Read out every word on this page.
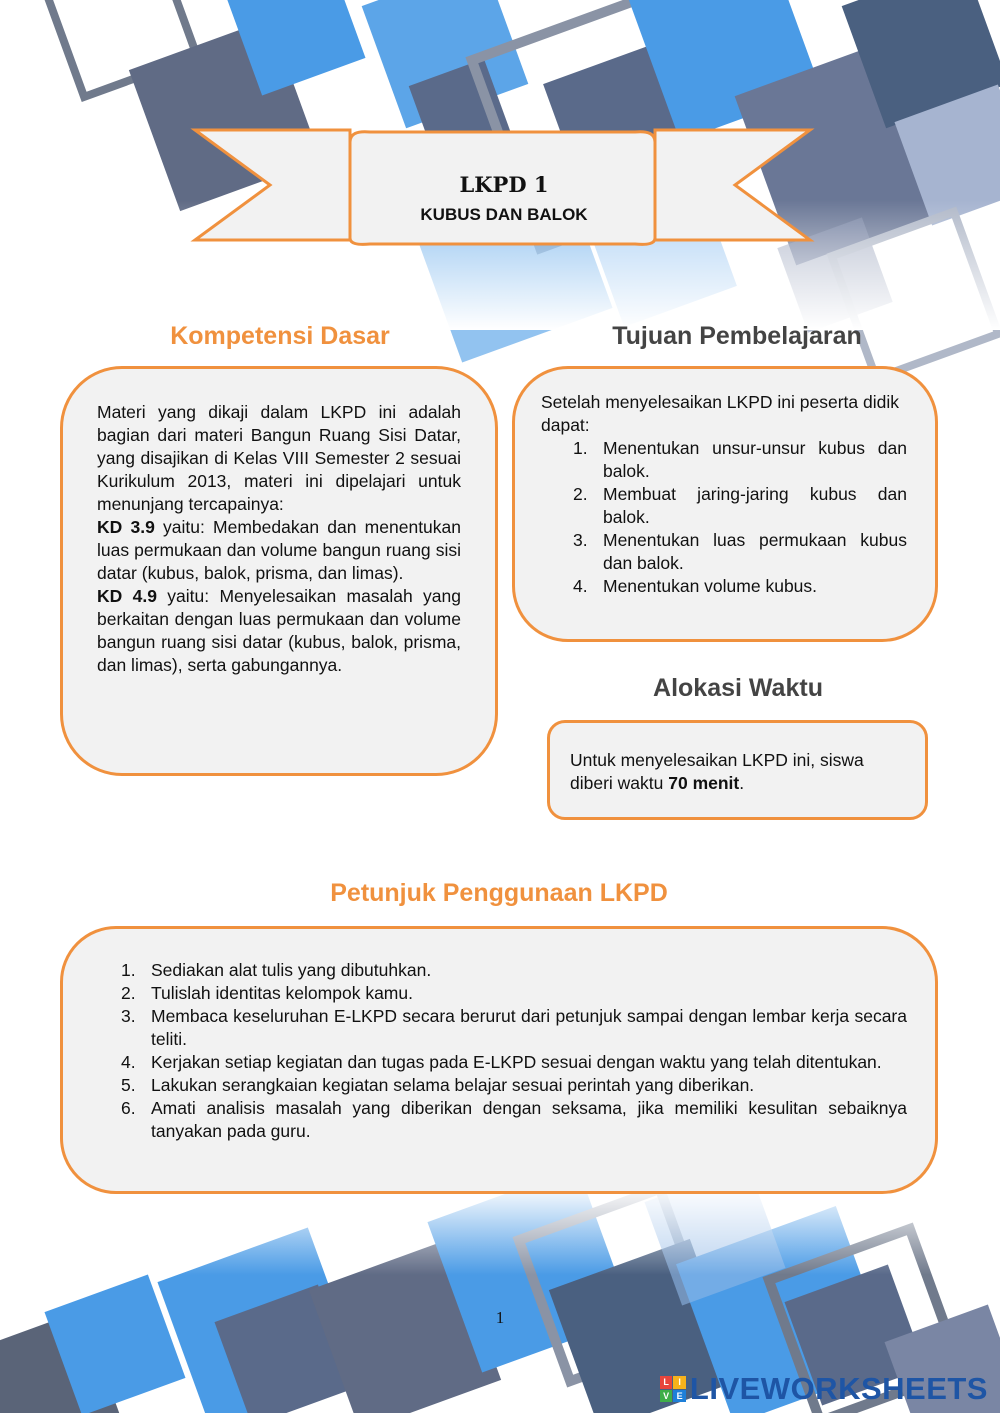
LKPD 1
KUBUS DAN BALOK
Kompetensi Dasar
Materi yang dikaji dalam LKPD ini adalah bagian dari materi Bangun Ruang Sisi Datar, yang disajikan di Kelas VIII Semester 2 sesuai Kurikulum 2013, materi ini dipelajari untuk menunjang tercapainya:
KD 3.9 yaitu: Membedakan dan menentukan luas permukaan dan volume bangun ruang sisi datar (kubus, balok, prisma, dan limas).
KD 4.9 yaitu: Menyelesaikan masalah yang berkaitan dengan luas permukaan dan volume bangun ruang sisi datar (kubus, balok, prisma, dan limas), serta gabungannya.
Tujuan Pembelajaran
Setelah menyelesaikan LKPD ini peserta didik dapat:
1. Menentukan unsur-unsur kubus dan balok.
2. Membuat jaring-jaring kubus dan balok.
3. Menentukan luas permukaan kubus dan balok.
4. Menentukan volume kubus.
Alokasi Waktu
Untuk menyelesaikan LKPD ini, siswa diberi waktu 70 menit.
Petunjuk Penggunaan LKPD
1. Sediakan alat tulis yang dibutuhkan.
2. Tulislah identitas kelompok kamu.
3. Membaca keseluruhan E-LKPD secara berurut dari petunjuk sampai dengan lembar kerja secara teliti.
4. Kerjakan setiap kegiatan dan tugas pada E-LKPD sesuai dengan waktu yang telah ditentukan.
5. Lakukan serangkaian kegiatan selama belajar sesuai perintah yang diberikan.
6. Amati analisis masalah yang diberikan dengan seksama, jika memiliki kesulitan sebaiknya tanyakan pada guru.
1
L	I
V E LIVEWORKSHEETS
